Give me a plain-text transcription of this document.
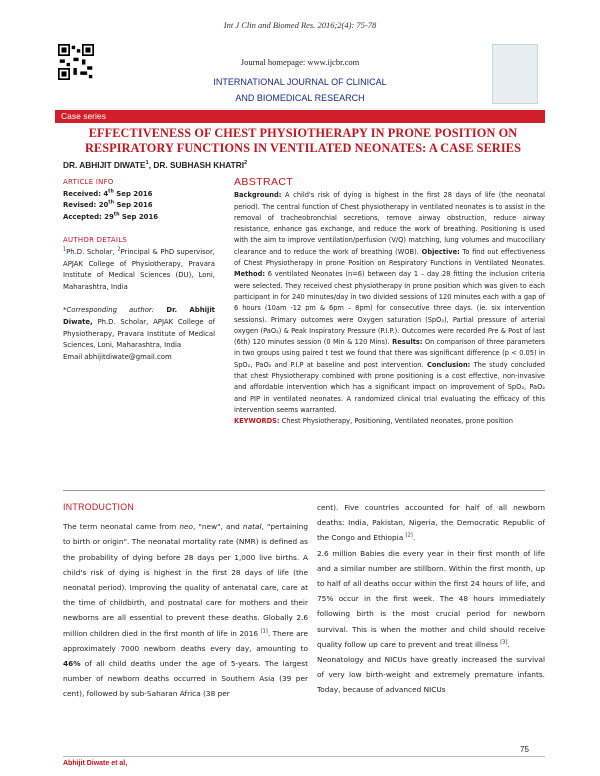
Int J Clin and Biomed Res. 2016;2(4): 75-78
Journal homepage: www.ijcbr.com
INTERNATIONAL JOURNAL OF CLINICAL
AND BIOMEDICAL RESEARCH
Case series
EFFECTIVENESS OF CHEST PHYSIOTHERAPY IN PRONE POSITION ON RESPIRATORY FUNCTIONS IN VENTILATED NEONATES: A CASE SERIES
DR. ABHIJIT DIWATE$^1$, DR. SUBHASH KHATRI$^2$
ARTICLE INFO
Received: 4th Sep 2016
Revised: 20th Sep 2016
Accepted: 29th Sep 2016
AUTHOR DETAILS

$^1$Ph.D. Scholar, $^2$Principal & PhD supervisor, APJAK College of Physiotherapy, Pravara Institute of Medical Sciences (DU), Loni, Maharashtra, India

*Corresponding author: Dr. Abhijit Diwate, Ph.D. Scholar, APJAK College of Physiotherapy, Pravara Institute of Medical Sciences, Loni, Maharashtra, India

Email abhijitdiwate@gmail.com

ABSTRACT

Background: A child's risk of dying is highest in the first 28 days of life (the neonatal period). The central function of Chest physiotherapy in ventilated neonates is to assist in the removal of tracheobronchial secretions, remove airway obstruction, reduce airway resistance, enhance gas exchange, and reduce the work of breathing. Positioning is used with the aim to improve ventilation/perfusion (V/Q) matching, lung volumes and mucociliary clearance and to reduce the work of breathing (WOB). Objective: To find out effectiveness of Chest Physiotherapy in prone Position on Respiratory Functions in Ventilated Neonates. Method: 6 ventilated Neonates (n=6) between day 1 – day 28 fitting the inclusion criteria were selected. They received chest physiotherapy in prone position which was given to each participant in for 240 minutes/day in two divided sessions of 120 minutes each with a gap of 6 hours (10am -12 pm & 6pm – 8pm) for consecutive three days. (ie. six intervention sessions). Primary outcomes were Oxygen saturation (SpO₂), Partial pressure of arterial oxygen (PaO₂) & Peak Inspiratory Pressure (P.I.P.). Outcomes were recorded Pre & Post of last (6th) 120 minutes session (0 Min & 120 Mins). Results: On comparison of three parameters in two groups using paired t test we found that there was significant difference (p < 0.05) in SpO₂, PaO₂ and P.I.P at baseline and post intervention. Conclusion: The study concluded that chest Physiotherapy combined with prone positioning is a cost effective, non-invasive and affordable intervention which has a significant impact on improvement of SpO₂, PaO₂ and PIP in ventilated neonates. A randomized clinical trial evaluating the efficacy of this intervention seems warranted.

KEYWORDS: Chest Physiotherapy, Positioning, Ventilated neonates, prone position

INTRODUCTION

The term neonatal came from neo, "new", and natal, "pertaining to birth or origin". The neonatal mortality rate (NMR) is defined as the probability of dying before 28 days per 1,000 live births. A child's risk of dying is highest in the first 28 days of life (the neonatal period). Improving the quality of antenatal care, care at the time of childbirth, and postnatal care for mothers and their newborns are all essential to prevent these deaths. Globally 2.6 million children died in the first month of life in 2016 [1]. There are approximately 7000 newborn deaths every day, amounting to 46% of all child deaths under the age of 5-years. The largest number of newborn deaths occurred in Southern Asia (39 per cent), followed by sub-Saharan Africa (38 per

cent). Five countries accounted for half of all newborn deaths: India, Pakistan, Nigeria, the Democratic Republic of the Congo and Ethiopia [2].

2.6 million Babies die every year in their first month of life and a similar number are stillborn. Within the first month, up to half of all deaths occur within the first 24 hours of life, and 75% occur in the first week. The 48 hours immediately following birth is the most crucial period for newborn survival. This is when the mother and child should receive quality follow up care to prevent and treat illness [3].

Neonatology and NICUs have greatly increased the survival of very low birth-weight and extremely premature infants. Today, because of advanced NICUs

75
Abhijit Diwate et al,
